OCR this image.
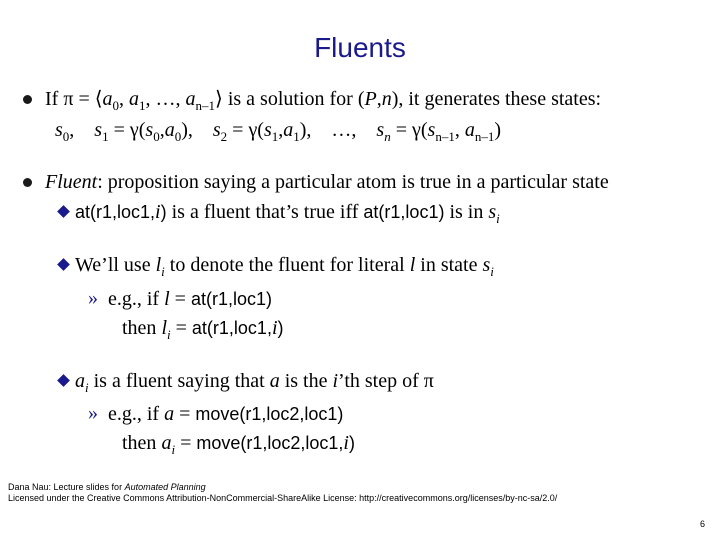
Fluents
If $\pi = ⟨a_0$, $a_1$, …, $a_{n-1}⟩$ is a solution for (P,n), it generates these states:
$s_0$,    $s_1 = \gamma(s_0,a_0)$,    $s_2 = \gamma(s_1,a_1)$,    …, $s_n = \gamma(s_{n-1}$, $a_{n-1}$)
Fluent: proposition saying a particular atom is true in a particular state
at(r1,loc1,i) is a fluent that’s true iff at(r1,loc1) is in $s_i$
We’ll use $l_i$ to denote the fluent for literal l in state $s_i$
» e.g., if l = at(r1,loc1)
then $l_i = at(r1,loc1,i)$
$a_i$ is a fluent saying that a is the i’th step of π
» e.g., if a = move(r1,loc2,loc1)
then $a_i$ = move(r1,loc2,loc1,i)
Dana Nau: Lecture slides for Automated Planning
Licensed under the Creative Commons Attribution-NonCommercial-ShareAlike License: http://creativecommons.org/licenses/by-nc-sa/2.0/
6
